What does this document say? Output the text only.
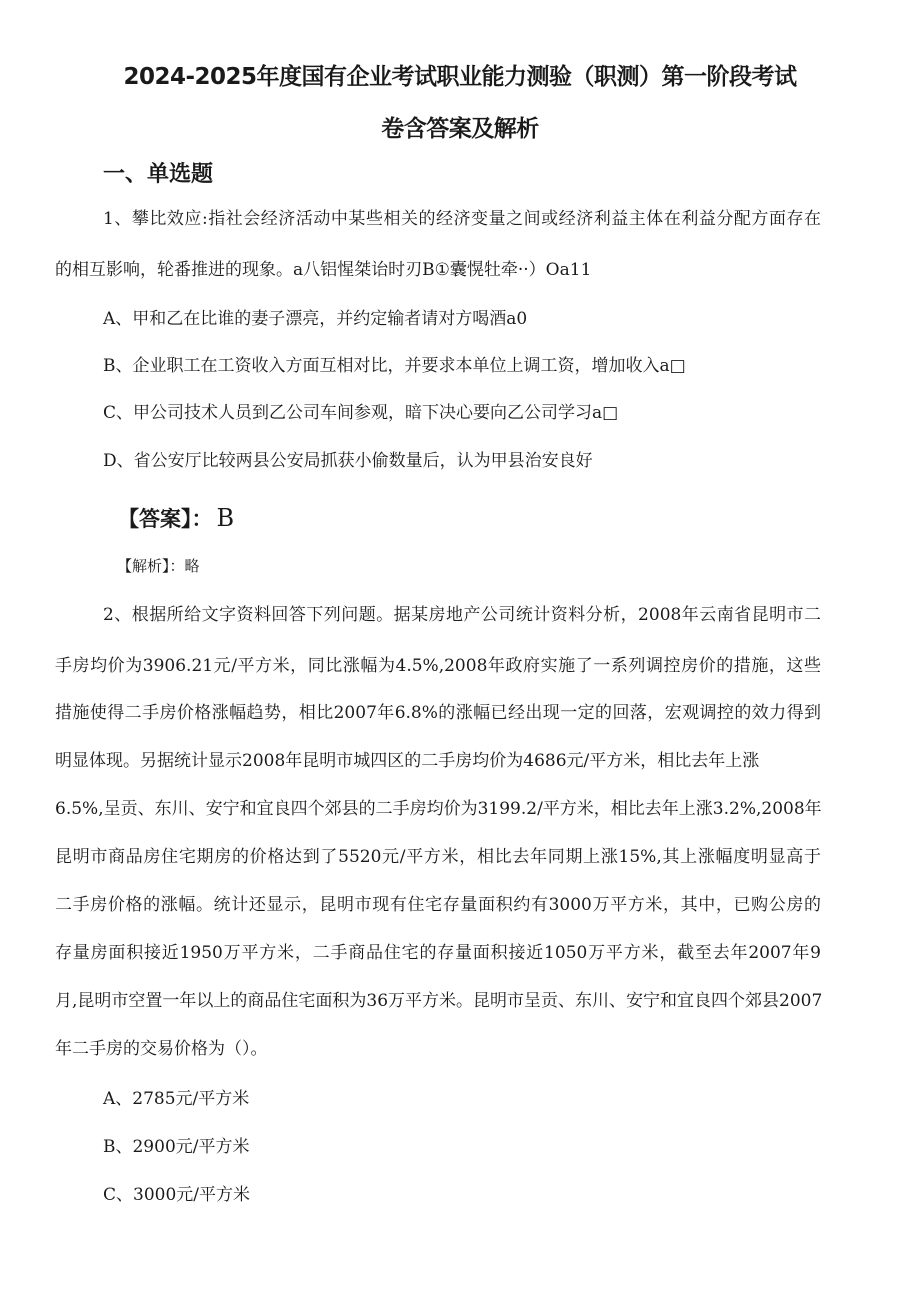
2024-2025年度国有企业考试职业能力测验（职测）第一阶段考试
卷含答案及解析
一、单选题
1、攀比效应:指社会经济活动中某些相关的经济变量之间或经济利益主体在利益分配方面存在
的相互影响，轮番推进的现象。a八铝惺桀诒时刃B①囊愰牡牵··）Oa11
A、甲和乙在比谁的妻子漂亮，并约定输者请对方喝酒a0
B、企业职工在工资收入方面互相对比，并要求本单位上调工资，增加收入a□
C、甲公司技术人员到乙公司车间参观，暗下决心要向乙公司学习a□
D、省公安厅比较两县公安局抓获小偷数量后，认为甲县治安良好
【答案】： B
【解析】：略
2、根据所给文字资料回答下列问题。据某房地产公司统计资料分析，2008年云南省昆明市二
手房均价为3906.21元/平方米，同比涨幅为4.5%,2008年政府实施了一系列调控房价的措施，这些
措施使得二手房价格涨幅趋势，相比2007年6.8%的涨幅已经出现一定的回落，宏观调控的效力得到
明显体现。另据统计显示2008年昆明市城四区的二手房均价为4686元/平方米，相比去年上涨
6.5%,呈贡、东川、安宁和宜良四个郊县的二手房均价为3199.2/平方米，相比去年上涨3.2%,2008年
昆明市商品房住宅期房的价格达到了5520元/平方米，相比去年同期上涨15%,其上涨幅度明显高于
二手房价格的涨幅。统计还显示，昆明市现有住宅存量面积约有3000万平方米，其中，已购公房的
存量房面积接近1950万平方米，二手商品住宅的存量面积接近1050万平方米，截至去年2007年9
月,昆明市空置一年以上的商品住宅面积为36万平方米。昆明市呈贡、东川、安宁和宜良四个郊县2007
年二手房的交易价格为（）。
A、2785元/平方米
B、2900元/平方米
C、3000元/平方米
